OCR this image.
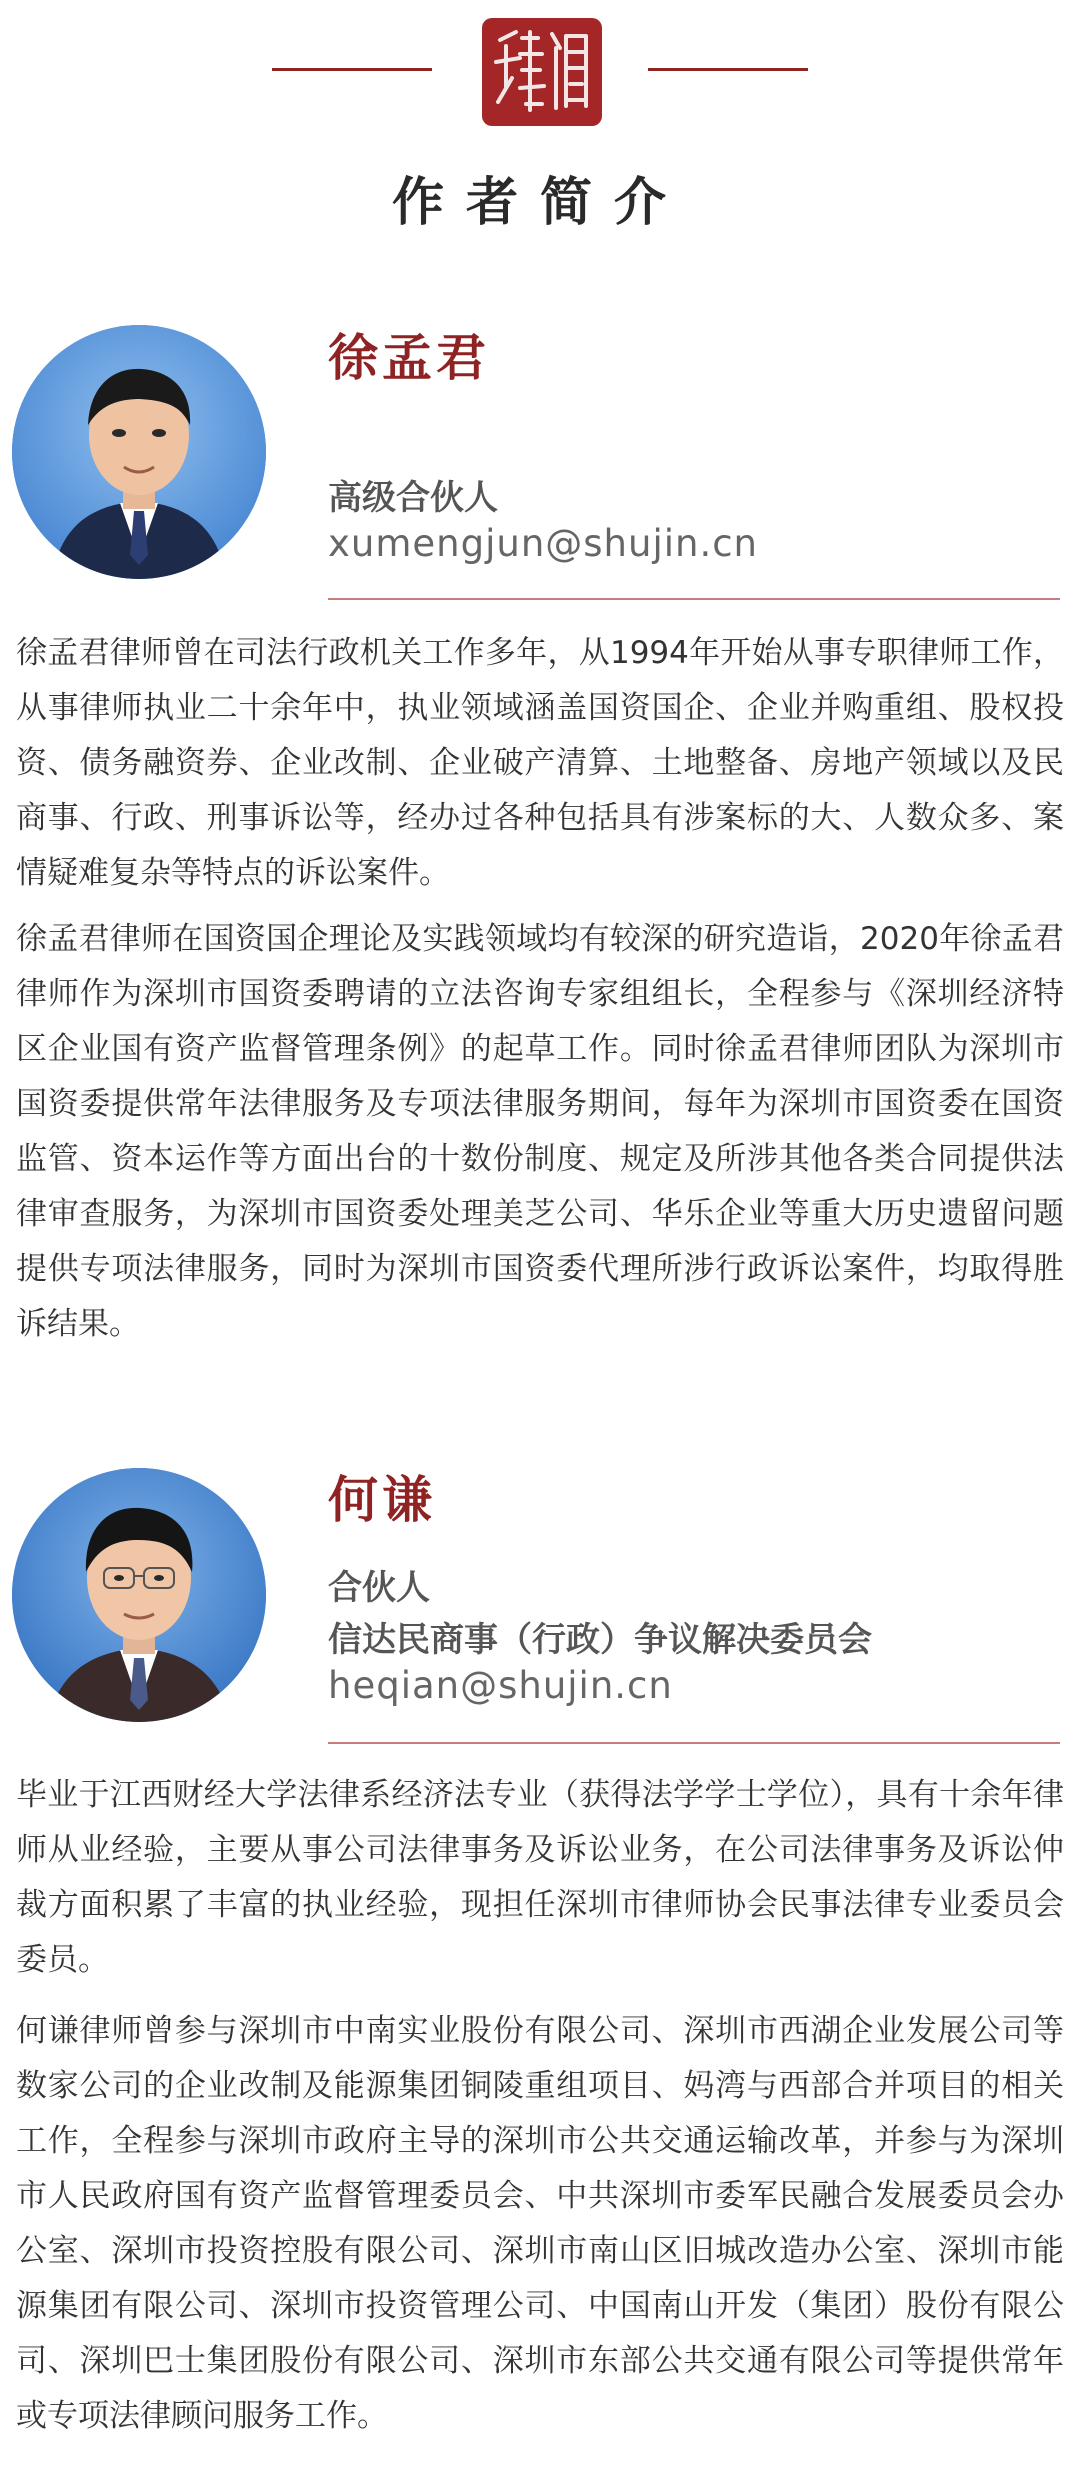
作者简介
徐孟君
高级合伙人
xumengjun@shujin.cn

徐孟君律师曾在司法行政机关工作多年，从1994年开始从事专职律师工作，从事律师执业二十余年中，执业领域涵盖国资国企、企业并购重组、股权投资、债务融资券、企业改制、企业破产清算、土地整备、房地产领域以及民商事、行政、刑事诉讼等，经办过各种包括具有涉案标的大、人数众多、案情疑难复杂等特点的诉讼案件。

徐孟君律师在国资国企理论及实践领域均有较深的研究造诣，2020年徐孟君律师作为深圳市国资委聘请的立法咨询专家组组长，全程参与《深圳经济特区企业国有资产监督管理条例》的起草工作。同时徐孟君律师团队为深圳市国资委提供常年法律服务及专项法律服务期间，每年为深圳市国资委在国资监管、资本运作等方面出台的十数份制度、规定及所涉其他各类合同提供法律审查服务，为深圳市国资委处理美芝公司、华乐企业等重大历史遗留问题提供专项法律服务，同时为深圳市国资委代理所涉行政诉讼案件，均取得胜诉结果。

何谦
合伙人
信达民商事（行政）争议解决委员会
heqian@shujin.cn

毕业于江西财经大学法律系经济法专业（获得法学学士学位），具有十余年律师从业经验，主要从事公司法律事务及诉讼业务，在公司法律事务及诉讼仲裁方面积累了丰富的执业经验，现担任深圳市律师协会民事法律专业委员会委员。

何谦律师曾参与深圳市中南实业股份有限公司、深圳市西湖企业发展公司等数家公司的企业改制及能源集团铜陵重组项目、妈湾与西部合并项目的相关工作，全程参与深圳市政府主导的深圳市公共交通运输改革，并参与为深圳市人民政府国有资产监督管理委员会、中共深圳市委军民融合发展委员会办公室、深圳市投资控股有限公司、深圳市南山区旧城改造办公室、深圳市能源集团有限公司、深圳市投资管理公司、中国南山开发（集团）股份有限公司、深圳巴士集团股份有限公司、深圳市东部公共交通有限公司等提供常年或专项法律顾问服务工作。
